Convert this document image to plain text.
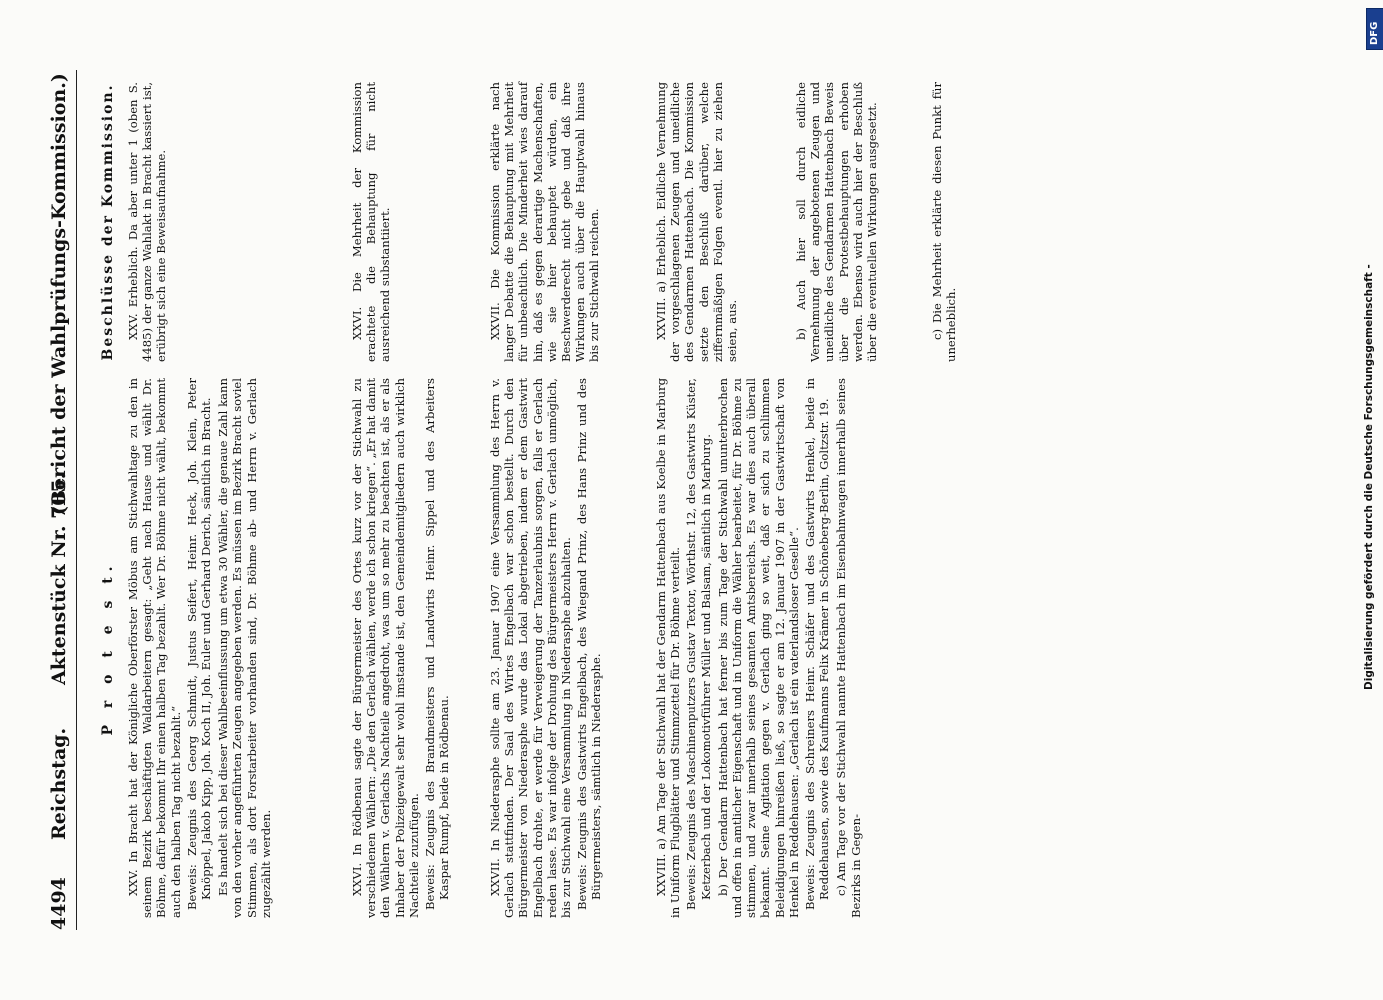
4494
Reichstag.
Aktenstück Nr. 705.
(Bericht der Wahlprüfungs-Kommission.)
P r o t e s t. XXV. In Bracht hat der Königliche Oberförster Möbus am Stichwahltage zu den in seinem Bezirk beschäftigten Waldarbeitern gesagt: „Geht nach Hause und wählt Dr. Böhme, dafür bekommt Ihr einen halben Tag bezahlt. Wer Dr. Böhme nicht wählt, bekommt auch den halben Tag nicht bezahlt.“ Beweis: Zeugnis des Georg Schmidt, Justus Seifert, Heinr. Heck, Joh. Klein, Peter Knöppel, Jakob Kipp, Joh. Koch II, Joh. Euler und Gerhard Derich, sämtlich in Bracht. Es handelt sich bei dieser Wahlbeeinflussung um etwa 30 Wähler, die genaue Zahl kann von den vorher angeführten Zeugen angegeben werden. Es müssen im Bezirk Bracht soviel Stimmen, als dort Forstarbeiter vorhanden sind, Dr. Böhme ab- und Herrn v. Gerlach zugezählt werden.	XXVI. In Rödbenau sagte der Bürgermeister des Ortes kurz vor der Stichwahl zu verschiedenen Wählern: „Die den Gerlach wählen, werde ich schon kriegen“. „Er hat damit den Wählern v. Gerlachs Nachteile angedroht, was um so mehr zu beachten ist, als er als Inhaber der Polizeigewalt sehr wohl imstande ist, den Gemeindemitgliedern auch wirklich Nachteile zuzufügen. Beweis: Zeugnis des Brandmeisters und Landwirts Heinr. Sippel und des Arbeiters Kaspar Rumpf, beide in Rödbenau.	XXVII. In Niederasphe sollte am 23. Januar 1907 eine Versammlung des Herrn v. Gerlach stattfinden. Der Saal des Wirtes Engelbach war schon bestellt. Durch den Bürgermeister von Niederasphe wurde das Lokal abgetrieben, indem er dem Gastwirt Engelbach drohte, er werde für Verweigerung der Tanzerlaubnis sorgen, falls er Gerlach reden lasse. Es war infolge der Drohung des Bürgermeisters Herrn v. Gerlach unmöglich, bis zur Stichwahl eine Versammlung in Niederasphe abzuhalten. Beweis: Zeugnis des Gastwirts Engelbach, des Wiegand Prinz, des Hans Prinz und des Bürgermeisters, sämtlich in Niederasphe.	XXVIII. a) Am Tage der Stichwahl hat der Gendarm Hattenbach aus Koelbe in Marburg in Uniform Flugblätter und Stimmzettel für Dr. Böhme verteilt. Beweis: Zeugnis des Maschinenputzers Gustav Textor, Wörthstr. 12, des Gastwirts Küster, Ketzerbach und der Lokomotivführer Müller und Balsam, sämtlich in Marburg. b) Der Gendarm Hattenbach hat ferner bis zum Tage der Stichwahl ununterbrochen und offen in amtlicher Eigenschaft und in Uniform die Wähler bearbeitet, für Dr. Böhme zu stimmen, und zwar innerhalb seines gesamten Amtsbereichs. Es war dies auch überall bekannt. Seine Agitation gegen v. Gerlach ging so weit, daß er sich zu schlimmen Beleidigungen hinreißen ließ, so sagte er am 12. Januar 1907 in der Gastwirtschaft von Henkel in Reddehausen: „Gerlach ist ein vaterlandsloser Geselle“. Beweis: Zeugnis des Schreiners Heinr. Schäfer und des Gastwirts Henkel, beide in Reddehausen, sowie des Kaufmanns Felix Krämer in Schöneberg-Berlin, Goltzstr. 19. c) Am Tage vor der Stichwahl nannte Hattenbach im Eisenbahnwagen innerhalb seines Bezirks in Gegen-

Beschlüsse der Kommission. XXV. Erheblich. Da aber unter 1 (oben S. 4485) der ganze Wahlakt in Bracht kassiert ist, erübrigt sich eine Beweisaufnahme.	XXVI. Die Mehrheit der Kommission erachtete die Behauptung für nicht ausreichend substantiiert.	XXVII. Die Kommission erklärte nach langer Debatte die Behauptung mit Mehrheit für unbeachtlich. Die Minderheit wies darauf hin, daß es gegen derartige Machenschaften, wie sie hier behauptet würden, ein Beschwerderecht nicht gebe und daß ihre Wirkungen auch über die Hauptwahl hinaus bis zur Stichwahl reichen.	XXVIII. a) Erheblich. Eidliche Vernehmung der vorgeschlagenen Zeugen und uneidliche des Gendarmen Hattenbach. Die Kommission setzte den Beschluß darüber, welche ziffernmäßigen Folgen eventl. hier zu ziehen seien, aus.	b) Auch hier soll durch eidliche Vernehmung der angebotenen Zeugen und uneidliche des Gendarmen Hattenbach Beweis über die Protestbehauptungen erhoben werden. Ebenso wird auch hier der Beschluß über die eventuellen Wirkungen ausgesetzt.	c) Die Mehrheit erklärte diesen Punkt für unerheblich.

DFG
Digitalisierung gefördert durch die Deutsche Forschungsgemeinschaft -
